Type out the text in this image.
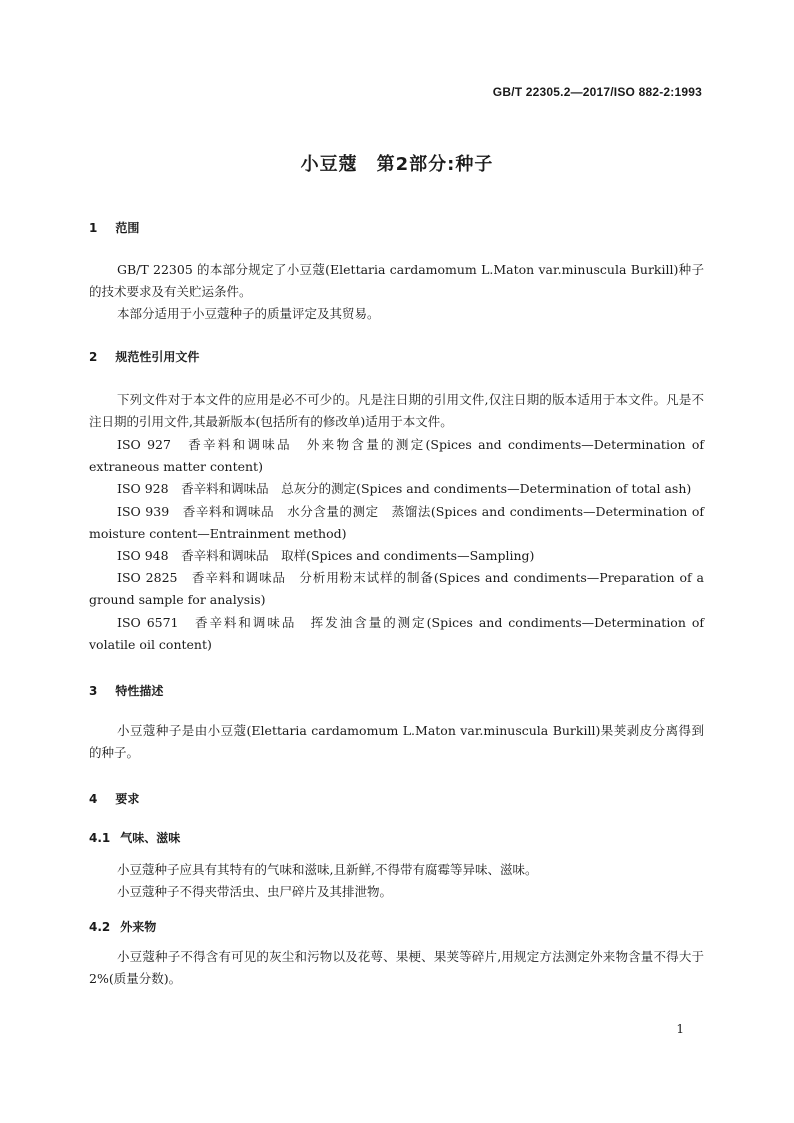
GB/T 22305.2—2017/ISO 882-2:1993
小豆蔻　第2部分:种子
1 范围
GB/T 22305 的本部分规定了小豆蔻(Elettaria cardamomum L.Maton var.minuscula Burkill)种子的技术要求及有关贮运条件。
本部分适用于小豆蔻种子的质量评定及其贸易。
2 规范性引用文件
下列文件对于本文件的应用是必不可少的。凡是注日期的引用文件,仅注日期的版本适用于本文件。凡是不注日期的引用文件,其最新版本(包括所有的修改单)适用于本文件。
ISO 927　香辛料和调味品　外来物含量的测定(Spices and condiments—Determination of extraneous matter content)
ISO 928　香辛料和调味品　总灰分的测定(Spices and condiments—Determination of total ash)
ISO 939　香辛料和调味品　水分含量的测定　蒸馏法(Spices and condiments—Determination of moisture content—Entrainment method)
ISO 948　香辛料和调味品　取样(Spices and condiments—Sampling)
ISO 2825　香辛料和调味品　分析用粉末试样的制备(Spices and condiments—Preparation of a ground sample for analysis)
ISO 6571　香辛料和调味品　挥发油含量的测定(Spices and condiments—Determination of volatile oil content)
3 特性描述
小豆蔻种子是由小豆蔻(Elettaria cardamomum L.Maton var.minuscula Burkill)果荚剥皮分离得到的种子。
4 要求
4.1 气味、滋味
小豆蔻种子应具有其特有的气味和滋味,且新鲜,不得带有腐霉等异味、滋味。
小豆蔻种子不得夹带活虫、虫尸碎片及其排泄物。
4.2 外来物
小豆蔻种子不得含有可见的灰尘和污物以及花萼、果梗、果荚等碎片,用规定方法测定外来物含量不得大于2%(质量分数)。
1
